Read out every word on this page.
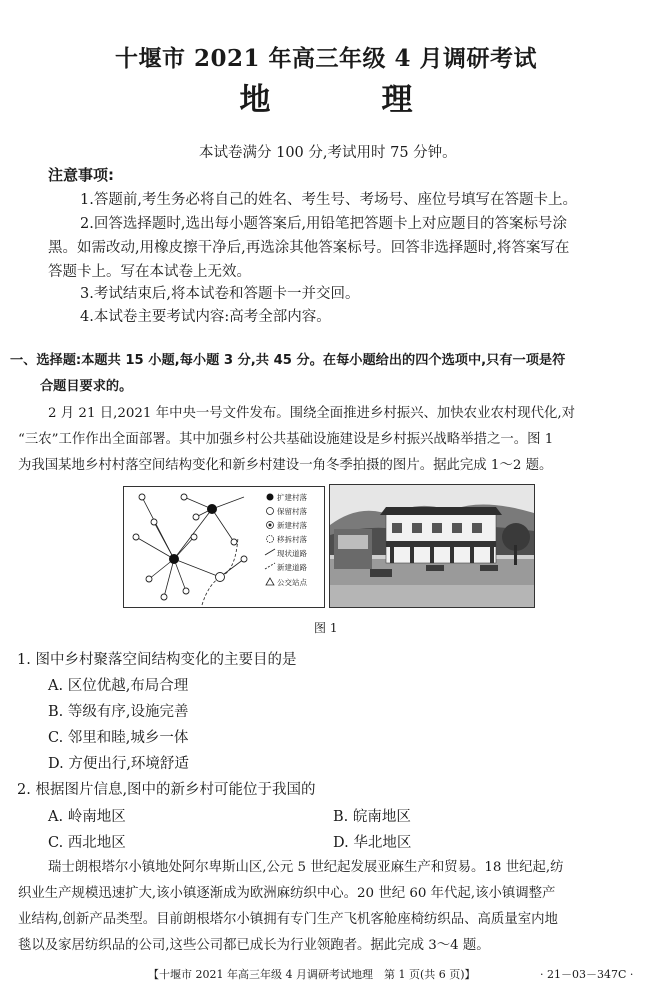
十堰市 2021 年高三年级 4 月调研考试
地　理
本试卷满分 100 分,考试用时 75 分钟。
注意事项:
1.答题前,考生务必将自己的姓名、考生号、考场号、座位号填写在答题卡上。
2.回答选择题时,选出每小题答案后,用铅笔把答题卡上对应题目的答案标号涂
黑。如需改动,用橡皮擦干净后,再选涂其他答案标号。回答非选择题时,将答案写在
答题卡上。写在本试卷上无效。
3.考试结束后,将本试卷和答题卡一并交回。
4.本试卷主要考试内容:高考全部内容。
一、选择题:本题共 15 小题,每小题 3 分,共 45 分。在每小题给出的四个选项中,只有一项是符
合题目要求的。
2 月 21 日,2021 年中央一号文件发布。围绕全面推进乡村振兴、加快农业农村现代化,对
“三农”工作作出全面部署。其中加强乡村公共基础设施建设是乡村振兴战略举措之一。图 1
为我国某地乡村村落空间结构变化和新乡村建设一角冬季拍摄的图片。据此完成 1～2 题。
扩建村落
保留村落
新建村落
移拆村落
现状道路
新建道路
公交站点
图 1
1. 图中乡村聚落空间结构变化的主要目的是
A. 区位优越,布局合理
B. 等级有序,设施完善
C. 邻里和睦,城乡一体
D. 方便出行,环境舒适
2. 根据图片信息,图中的新乡村可能位于我国的
A. 岭南地区	B. 皖南地区
C. 西北地区	D. 华北地区
瑞士朗根塔尔小镇地处阿尔卑斯山区,公元 5 世纪起发展亚麻生产和贸易。18 世纪起,纺
织业生产规模迅速扩大,该小镇逐渐成为欧洲麻纺织中心。20 世纪 60 年代起,该小镇调整产
业结构,创新产品类型。目前朗根塔尔小镇拥有专门生产飞机客舱座椅纺织品、高质量室内地
毯以及家居纺织品的公司,这些公司都已成长为行业领跑者。据此完成 3～4 题。
【十堰市 2021 年高三年级 4 月调研考试地理　第 1 页(共 6 页)】	· 21－03－347C ·
